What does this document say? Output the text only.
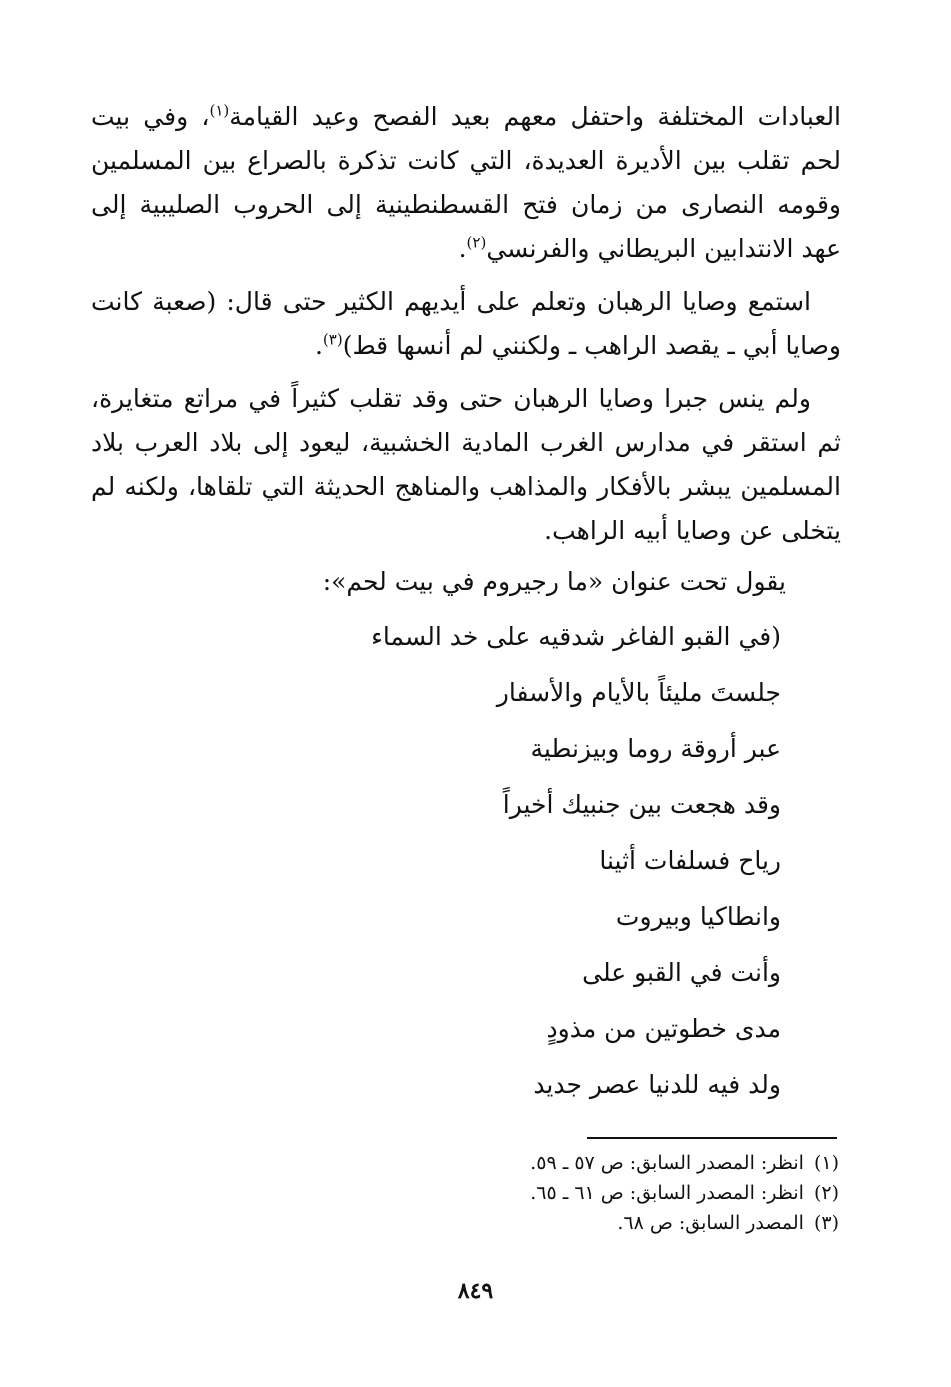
العبادات المختلفة واحتفل معهم بعيد الفصح وعيد القيامة$^{(١)}$، وفي بيت لحم تقلب بين الأديرة العديدة، التي كانت تذكرة بالصراع بين المسلمين وقومه النصارى من زمان فتح القسطنطينية إلى الحروب الصليبية إلى عهد الانتدابين البريطاني والفرنسي$^{(٢)}$.

استمع وصايا الرهبان وتعلم على أيديهم الكثير حتى قال: (صعبة كانت وصايا أبي ـ يقصد الراهب ـ ولكنني لم أنسها قط)$^{(٣)}$.

ولم ينس جبرا وصايا الرهبان حتى وقد تقلب كثيراً في مراتع متغايرة، ثم استقر في مدارس الغرب المادية الخشبية، ليعود إلى بلاد العرب بلاد المسلمين يبشر بالأفكار والمذاهب والمناهج الحديثة التي تلقاها، ولكنه لم يتخلى عن وصايا أبيه الراهب.

يقول تحت عنوان «ما رجيروم في بيت لحم»:

(في القبو الفاغر شدقيه على خد السماء
جلستَ مليئاً بالأيام والأسفار
عبر أروقة روما وبيزنطية
وقد هجعت بين جنبيك أخيراً
رياح فسلفات أثينا
وانطاكيا وبيروت
وأنت في القبو على
مدى خطوتين من مذودٍ
ولد فيه للدنيا عصر جديد
(١)انظر: المصدر السابق: ص ٥٧ ـ ٥٩.
(٢)انظر: المصدر السابق: ص ٦١ ـ ٦٥.
(٣)المصدر السابق: ص ٦٨.
٨٤٩
